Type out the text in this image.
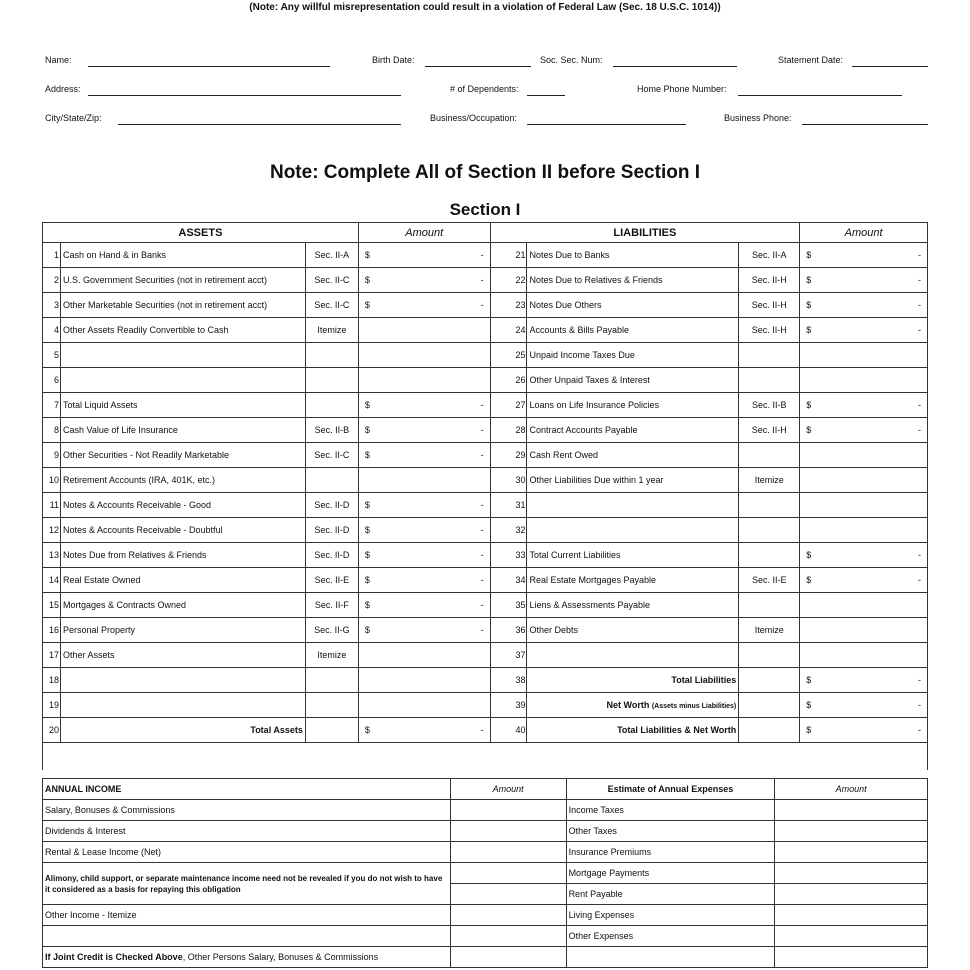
(Note: Any willful misrepresentation could result in a violation of Federal Law (Sec. 18 U.S.C. 1014))
Name:	Birth Date:	Soc. Sec. Num:	Statement Date:
Address:	# of Dependents:	Home Phone Number:
City/State/Zip:	Business/Occupation:	Business Phone:
Note: Complete All of Section II before Section I
Section I
ASSETS			Amount	LIABILITIES			Amount
1	Cash on Hand & in Banks	Sec. II-A	$ -	21	Notes Due to Banks	Sec. II-A	$ -

2	U.S. Government Securities (not in retirement acct)	Sec. II-C	$ -	22	Notes Due to Relatives & Friends	Sec. II-H	$ -

3	Other Marketable Securities (not in retirement acct)	Sec. II-C	$ -	23	Notes Due Others	Sec. II-H	$ -

4	Other Assets Readily Convertible to Cash	Itemize		24	Accounts & Bills Payable	Sec. II-H	$ -

5				25	Unpaid Income Taxes Due		
6				26	Other Unpaid Taxes & Interest		
7	Total Liquid Assets		$ -	27	Loans on Life Insurance Policies	Sec. II-B	$ -

8	Cash Value of Life Insurance	Sec. II-B	$ -	28	Contract Accounts Payable	Sec. II-H	$ -

9	Other Securities - Not Readily Marketable	Sec. II-C	$ -	29	Cash Rent Owed		
10	Retirement Accounts (IRA, 401K, etc.)			30	Other Liabilities Due within 1 year	Itemize	
11	Notes & Accounts Receivable - Good	Sec. II-D	$ -	31			
12	Notes & Accounts Receivable - Doubtful	Sec. II-D	$ -	32			
13	Notes Due from Relatives & Friends	Sec. II-D	$ -	33	Total Current Liabilities		$ -

14	Real Estate Owned	Sec. II-E	$ -	34	Real Estate Mortgages Payable	Sec. II-E	$ -

15	Mortgages & Contracts Owned	Sec. II-F	$ -	35	Liens & Assessments Payable		
16	Personal Property	Sec. II-G	$ -	36	Other Debts	Itemize	
17	Other Assets	Itemize		37			
18				38	Total Liabilities		$ -

19				39	Net Worth (Assets minus Liabilities)		$ -

20	Total Assets		$ -	40	Total Liabilities & Net Worth		$ -

ANNUAL INCOME	Amount	Estimate of Annual Expenses	Amount
Salary, Bonuses & Commissions		Income Taxes	
Dividends & Interest		Other Taxes	
Rental & Lease Income (Net)		Insurance Premiums	
Alimony, child support, or separate maintenance income need not be revealed if you do not wish to have it considered as a basis for repaying this obligation		Mortgage Payments	
		Rent Payable	
Other Income - Itemize		Living Expenses	
		Other Expenses	
If Joint Credit is Checked Above, Other Persons Salary, Bonuses & Commissions			
